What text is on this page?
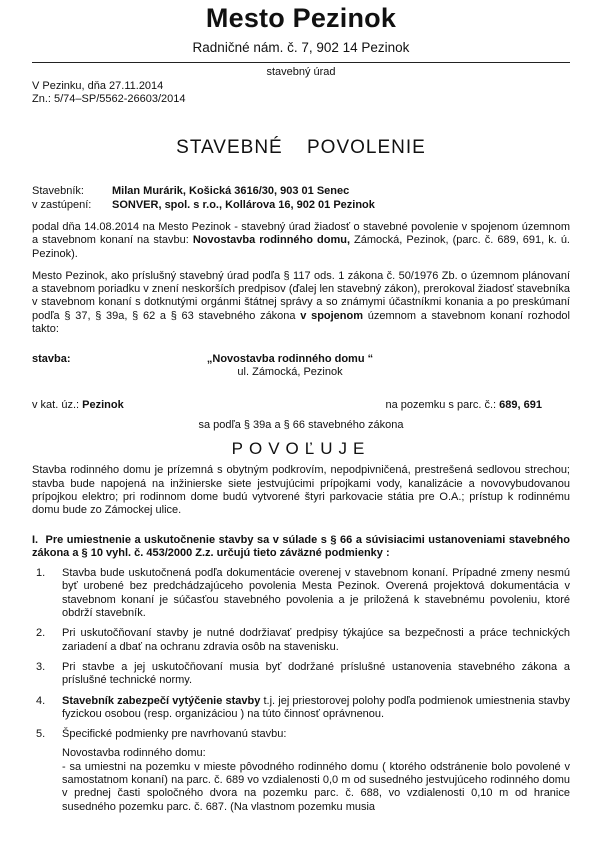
Mesto Pezinok
Radničné nám. č. 7, 902 14 Pezinok
stavebný úrad
V Pezinku, dňa 27.11.2014
Zn.: 5/74–SP/5562-26603/2014
STAVEBNÉ POVOLENIE
Stavebník:	Milan Murárik, Košická 3616/30, 903 01 Senec
v zastúpení:	SONVER, spol. s r.o., Kollárova 16, 902 01 Pezinok

podal dňa 14.08.2014 na Mesto Pezinok - stavebný úrad žiadosť o stavebné povolenie v spojenom územnom a stavebnom konaní na stavbu: Novostavba rodinného domu, Zámocká, Pezinok, (parc. č. 689, 691, k. ú. Pezinok).

Mesto Pezinok, ako príslušný stavebný úrad podľa § 117 ods. 1 zákona č. 50/1976 Zb. o územnom plánovaní a stavebnom poriadku v znení neskorších predpisov (ďalej len stavebný zákon), prerokoval žiadosť stavebníka v stavebnom konaní s dotknutými orgánmi štátnej správy a so známymi účastníkmi konania a po preskúmaní podľa § 37, § 39a, § 62 a § 63 stavebného zákona v spojenom územnom a stavebnom konaní rozhodol takto:

stavba:	„Novostavba rodinného domu “
ul. Zámocká, Pezinok
v kat. úz.: Pezinok	na pozemku s parc. č.: 689, 691
sa podľa § 39a a § 66 stavebného zákona
POVOĽUJE

Stavba rodinného domu je prízemná s obytným podkrovím, nepodpivničená, prestrešená sedlovou strechou; stavba bude napojená na inžinierske siete jestvujúcimi prípojkami vody, kanalizácie a novovybudovanou prípojkou elektro; pri rodinnom dome budú vytvorené štyri parkovacie státia pre O.A.; prístup k rodinnému domu bude zo Zámockej ulice.

I. Pre umiestnenie a uskutočnenie stavby sa v súlade s § 66 a súvisiacimi ustanoveniami stavebného zákona a § 10 vyhl. č. 453/2000 Z.z. určujú tieto záväzné podmienky :
1.	Stavba bude uskutočnená podľa dokumentácie overenej v stavebnom konaní. Prípadné zmeny nesmú byť urobené bez predchádzajúceho povolenia Mesta Pezinok. Overená projektová dokumentácia v stavebnom konaní je súčasťou stavebného povolenia a je priložená k stavebnému povoleniu, ktoré obdrží stavebník.
2.	Pri uskutočňovaní stavby je nutné dodržiavať predpisy týkajúce sa bezpečnosti a práce technických zariadení a dbať na ochranu zdravia osôb na stavenisku.
3.	Pri stavbe a jej uskutočňovaní musia byť dodržané príslušné ustanovenia stavebného zákona a príslušné technické normy.
4.	Stavebník zabezpečí vytýčenie stavby t.j. jej priestorovej polohy podľa podmienok umiestnenia stavby fyzickou osobou (resp. organizáciou ) na túto činnosť oprávnenou.
5.	Špecifické podmienky pre navrhovanú stavbu:
Novostavba rodinného domu:
- sa umiestni na pozemku v mieste pôvodného rodinného domu ( ktorého odstránenie bolo povolené v samostatnom konaní) na parc. č. 689 vo vzdialenosti 0,0 m od susedného jestvujúceho rodinného domu v prednej časti spoločného dvora na pozemku parc. č. 688, vo vzdialenosti 0,10 m od hranice susedného pozemku parc. č. 687. (Na vlastnom pozemku musia
